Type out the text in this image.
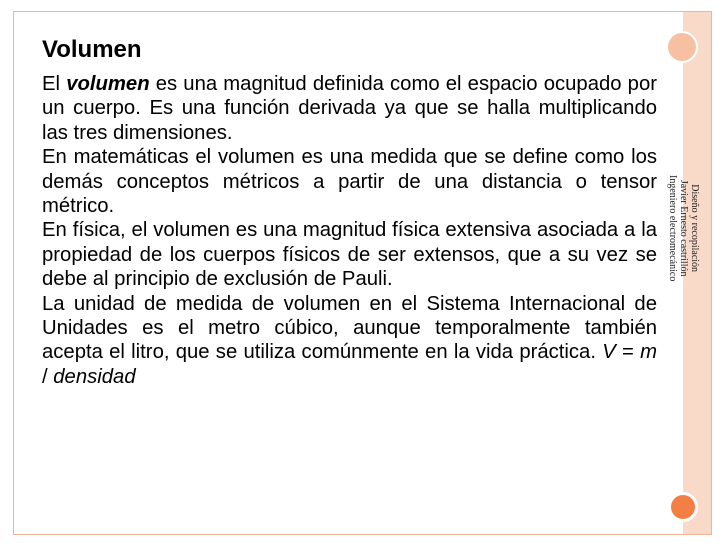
Volumen

El volumen es una magnitud definida como el espacio ocupado por un cuerpo. Es una función derivada ya que se halla multiplicando las tres dimensiones.

En matemáticas el volumen es una medida que se define como los demás conceptos métricos a partir de una distancia o tensor métrico.

En física, el volumen es una magnitud física extensiva asociada a la propiedad de los cuerpos físicos de ser extensos, que a su vez se debe al principio de exclusión de Pauli.

La unidad de medida de volumen en el Sistema Internacional de Unidades es el metro cúbico, aunque temporalmente también acepta el litro, que se utiliza comúnmente en la vida práctica. V = m / densidad

Diseño y recopilación
Javier Ernesto castrillón
Ingeniero electromecánico
